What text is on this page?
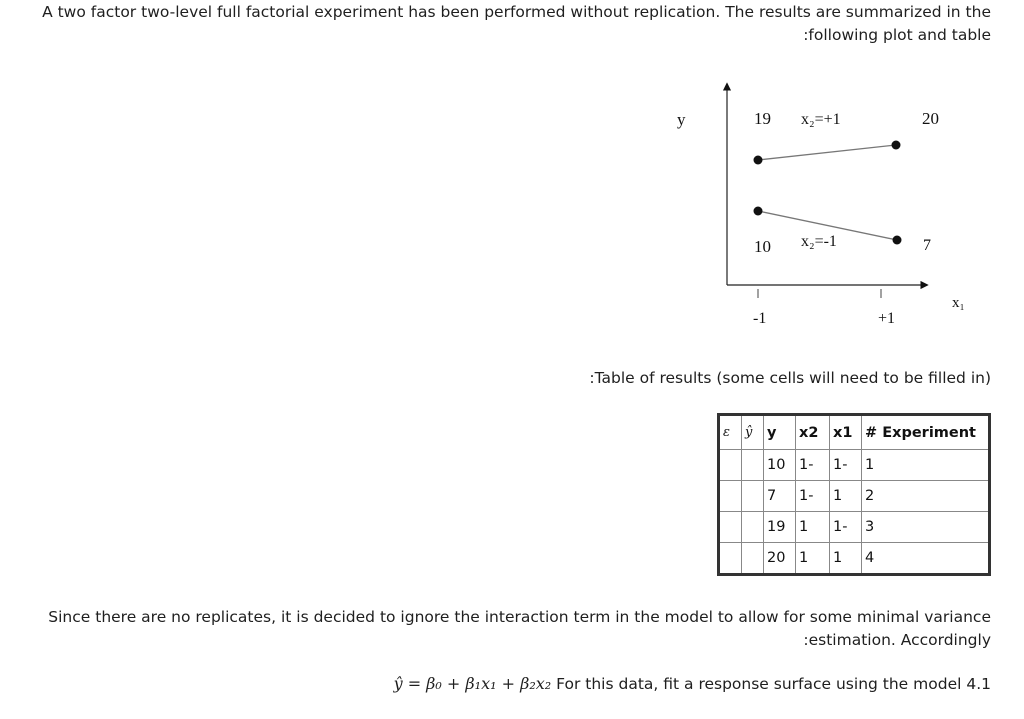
A two factor two-level full factorial experiment has been performed without replication. The results are summarized in the
:following plot and table
y
x₁
-1	+1
x₂=+1
19	20
x₂=-1
10	7
:Table of results (some cells will need to be filled in)
ε	ŷ	y	x2	x1	# Experiment
		10	1-	1-	1
		7	1-	1	2
		19	1	1-	3
		20	1	1	4
Since there are no replicates, it is decided to ignore the interaction term in the model to allow for some minimal variance
:estimation. Accordingly
ŷ = β₀ + β₁x₁ + β₂x₂ For this data, fit a response surface using the model 4.1
